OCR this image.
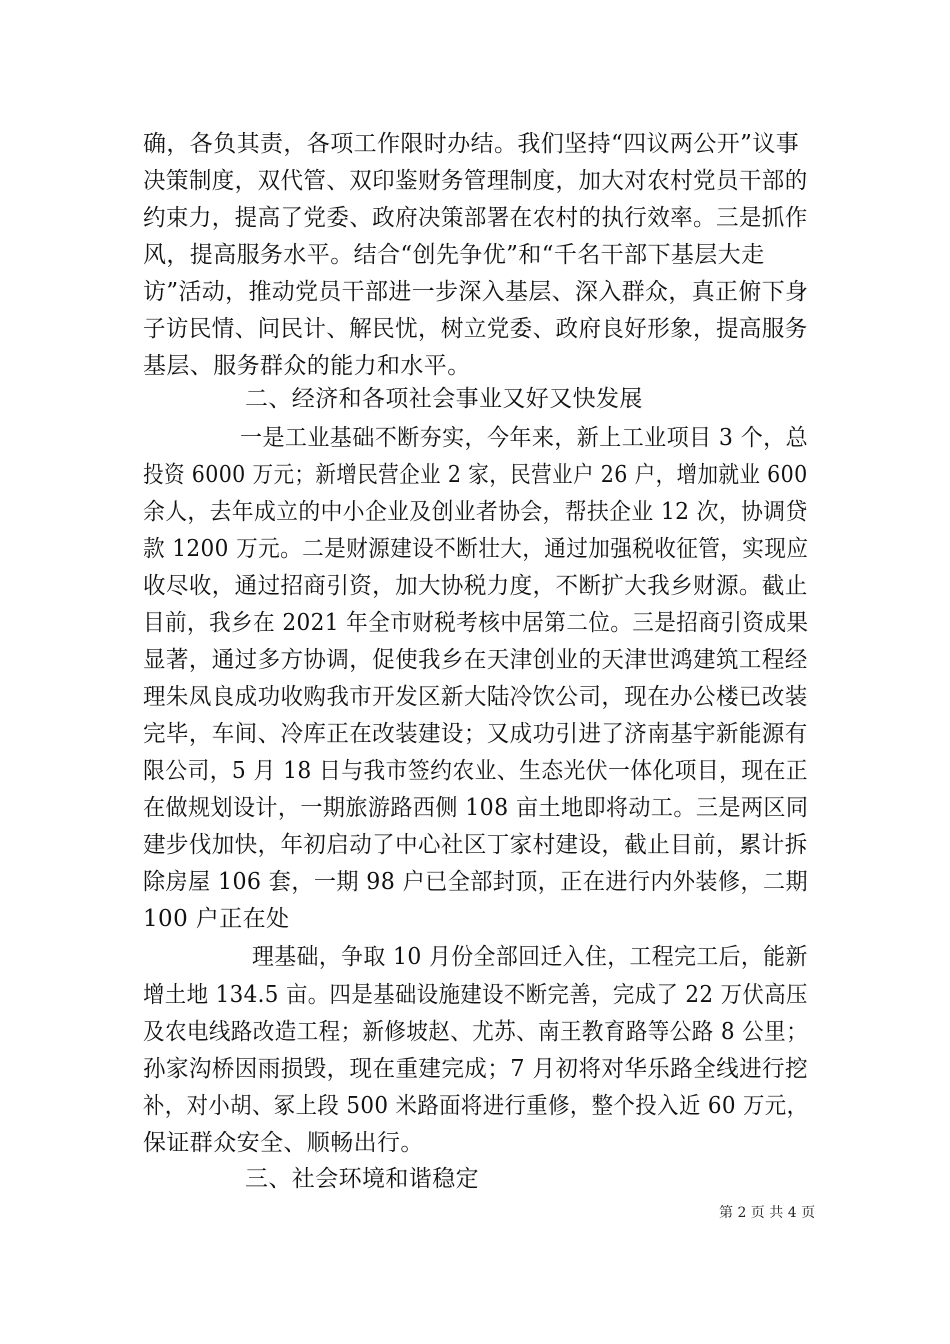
确，各负其责，各项工作限时办结。我们坚持“四议两公开”议事
决策制度，双代管、双印鉴财务管理制度，加大对农村党员干部的
约束力，提高了党委、政府决策部署在农村的执行效率。三是抓作
风，提高服务水平。结合“创先争优”和“千名干部下基层大走
访”活动，推动党员干部进一步深入基层、深入群众，真正俯下身
子访民情、问民计、解民忧，树立党委、政府良好形象，提高服务
基层、服务群众的能力和水平。
二、经济和各项社会事业又好又快发展
一是工业基础不断夯实，今年来，新上工业项目 3 个，总
投资 6000 万元；新增民营企业 2 家，民营业户 26 户，增加就业 600
余人，去年成立的中小企业及创业者协会，帮扶企业 12 次，协调贷
款 1200 万元。二是财源建设不断壮大，通过加强税收征管，实现应
收尽收，通过招商引资，加大协税力度，不断扩大我乡财源。截止
目前，我乡在 2021 年全市财税考核中居第二位。三是招商引资成果
显著，通过多方协调，促使我乡在天津创业的天津世鸿建筑工程经
理朱凤良成功收购我市开发区新大陆冷饮公司，现在办公楼已改装
完毕，车间、冷库正在改装建设；又成功引进了济南基宇新能源有
限公司，5 月 18 日与我市签约农业、生态光伏一体化项目，现在正
在做规划设计，一期旅游路西侧 108 亩土地即将动工。三是两区同
建步伐加快，年初启动了中心社区丁家村建设，截止目前，累计拆
除房屋 106 套，一期 98 户已全部封顶，正在进行内外装修，二期
100 户正在处
理基础，争取 10 月份全部回迁入住，工程完工后，能新
增土地 134.5 亩。四是基础设施建设不断完善，完成了 22 万伏高压
及农电线路改造工程；新修坡赵、尤苏、南王教育路等公路 8 公里；
孙家沟桥因雨损毁，现在重建完成；7 月初将对华乐路全线进行挖
补，对小胡、冢上段 500 米路面将进行重修，整个投入近 60 万元，
保证群众安全、顺畅出行。
三、社会环境和谐稳定
第 2 页 共 4 页
